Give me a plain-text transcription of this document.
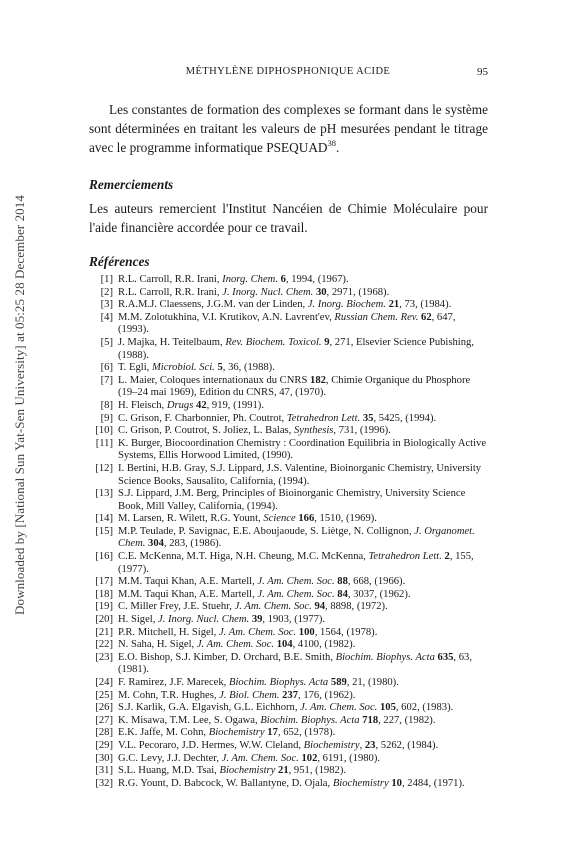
Downloaded by [National Sun Yat-Sen University] at 05:25 28 December 2014
MÉTHYLÈNE DIPHOSPHONIQUE ACIDE	95

Les constantes de formation des complexes se formant dans le système sont déterminées en traitant les valeurs de pH mesurées pendant le titrage avec le programme informatique PSEQUAD$^{38}$.

Remerciements

Les auteurs remercient l'Institut Nancéien de Chimie Moléculaire pour l'aide financière accordée pour ce travail.

Références

[1] R.L. Carroll, R.R. Irani, Inorg. Chem. 6, 1994, (1967).
[2] R.L. Carroll, R.R. Irani, J. Inorg. Nucl. Chem. 30, 2971, (1968).
[3] R.A.M.J. Claessens, J.G.M. van der Linden, J. Inorg. Biochem. 21, 73, (1984).
[4] M.M. Zolotukhina, V.I. Krutikov, A.N. Lavrent'ev, Russian Chem. Rev. 62, 647, (1993).
[5] J. Majka, H. Teitelbaum, Rev. Biochem. Toxicol. 9, 271, Elsevier Science Pubishing, (1988).
[6] T. Egli, Microbiol. Sci. 5, 36, (1988).
[7] L. Maier, Coloques internationaux du CNRS 182, Chimie Organique du Phosphore (19–24 mai 1969), Edition du CNRS, 47, (1970).
[8] H. Fleisch, Drugs 42, 919, (1991).
[9] C. Grison, F. Charbonnier, Ph. Coutrot, Tetrahedron Lett. 35, 5425, (1994).
[10] C. Grison, P. Coutrot, S. Joliez, L. Balas, Synthesis, 731, (1996).
[11] K. Burger, Biocoordination Chemistry : Coordination Equilibria in Biologically Active Systems, Ellis Horwood Limited, (1990).
[12] I. Bertini, H.B. Gray, S.J. Lippard, J.S. Valentine, Bioinorganic Chemistry, University Science Books, Sausalito, California, (1994).
[13] S.J. Lippard, J.M. Berg, Principles of Bioinorganic Chemistry, University Science Book, Mill Valley, California, (1994).
[14] M. Larsen, R. Wilett, R.G. Yount, Science 166, 1510, (1969).
[15] M.P. Teulade, P. Savignac, E.E. Aboujaoude, S. Liètge, N. Collignon, J. Organomet. Chem. 304, 283, (1986).
[16] C.E. McKenna, M.T. Higa, N.H. Cheung, M.C. McKenna, Tetrahedron Lett. 2, 155, (1977).
[17] M.M. Taqui Khan, A.E. Martell, J. Am. Chem. Soc. 88, 668, (1966).
[18] M.M. Taqui Khan, A.E. Martell, J. Am. Chem. Soc. 84, 3037, (1962).
[19] C. Miller Frey, J.E. Stuehr, J. Am. Chem. Soc. 94, 8898, (1972).
[20] H. Sigel, J. Inorg. Nucl. Chem. 39, 1903, (1977).
[21] P.R. Mitchell, H. Sigel, J. Am. Chem. Soc. 100, 1564, (1978).
[22] N. Saha, H. Sigel, J. Am. Chem. Soc. 104, 4100, (1982).
[23] E.O. Bishop, S.J. Kimber, D. Orchard, B.E. Smith, Biochim. Biophys. Acta 635, 63, (1981).
[24] F. Ramirez, J.F. Marecek, Biochim. Biophys. Acta 589, 21, (1980).
[25] M. Cohn, T.R. Hughes, J. Biol. Chem. 237, 176, (1962).
[26] S.J. Karlik, G.A. Elgavish, G.L. Eichhorn, J. Am. Chem. Soc. 105, 602, (1983).
[27] K. Misawa, T.M. Lee, S. Ogawa, Biochim. Biophys. Acta 718, 227, (1982).
[28] E.K. Jaffe, M. Cohn, Biochemistry 17, 652, (1978).
[29] V.L. Pecoraro, J.D. Hermes, W.W. Cleland, Biochemistry, 23, 5262, (1984).
[30] G.C. Levy, J.J. Dechter, J. Am. Chem. Soc. 102, 6191, (1980).
[31] S.L. Huang, M.D. Tsai, Biochemistry 21, 951, (1982).
[32] R.G. Yount, D. Babcock, W. Ballantyne, D. Ojala, Biochemistry 10, 2484, (1971).
